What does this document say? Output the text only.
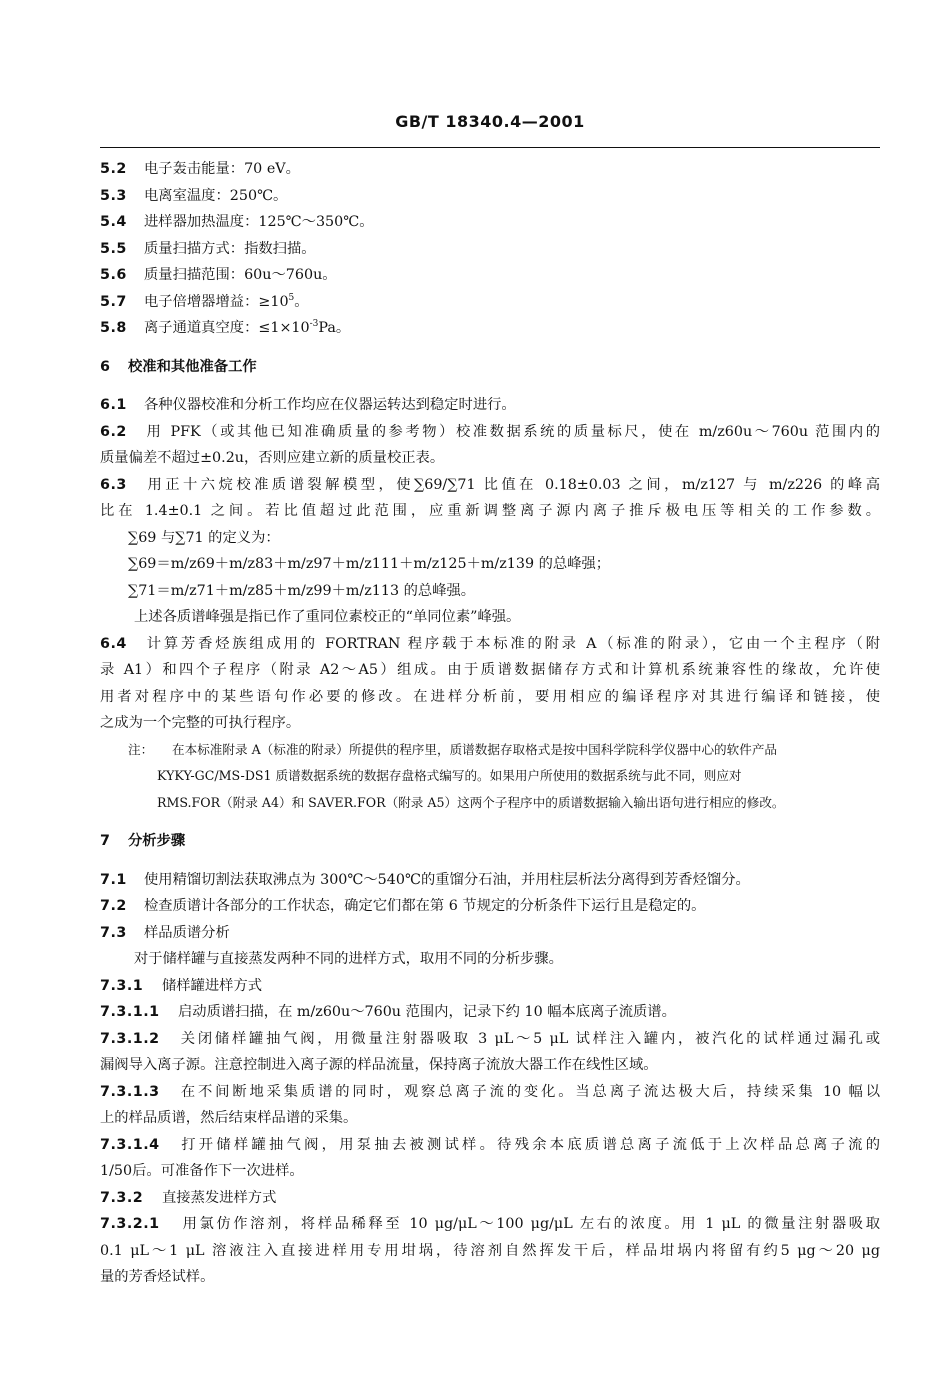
GB/T 18340.4—2001
5.2 电子轰击能量：70 eV。
5.3 电离室温度：250℃。
5.4 进样器加热温度：125℃～350℃。
5.5 质量扫描方式：指数扫描。
5.6 质量扫描范围：60u～760u。
5.7 电子倍增器增益：$\ge 10^5$。
5.8 离子通道真空度：$\le 1\times 10^{-3}Pa$。
6 校准和其他准备工作
6.1 各种仪器校准和分析工作均应在仪器运转达到稳定时进行。
6.2 用 PFK（或其他已知准确质量的参考物）校准数据系统的质量标尺，使在 m/z60u～760u 范围内的
质量偏差不超过±0.2u，否则应建立新的质量校正表。
6.3 用正十六烷校准质谱裂解模型，使∑69/∑71 比值在 0.18±0.03 之间，m/z127 与 m/z226 的峰高
比在 1.4±0.1 之间。若比值超过此范围，应重新调整离子源内离子推斥极电压等相关的工作参数。
∑69 与∑71 的定义为：
∑69＝m/z69＋m/z83＋m/z97＋m/z111＋m/z125＋m/z139 的总峰强；
∑71＝m/z71＋m/z85＋m/z99＋m/z113 的总峰强。
上述各质谱峰强是指已作了重同位素校正的“单同位素”峰强。
6.4 计算芳香烃族组成用的 FORTRAN 程序载于本标准的附录 A（标准的附录），它由一个主程序（附
录 A1）和四个子程序（附录 A2～A5）组成。由于质谱数据储存方式和计算机系统兼容性的缘故，允许使
用者对程序中的某些语句作必要的修改。在进样分析前，要用相应的编译程序对其进行编译和链接，使
之成为一个完整的可执行程序。
注： 在本标准附录 A（标准的附录）所提供的程序里，质谱数据存取格式是按中国科学院科学仪器中心的软件产品
KYKY-GC/MS-DS1 质谱数据系统的数据存盘格式编写的。如果用户所使用的数据系统与此不同，则应对
RMS.FOR（附录 A4）和 SAVER.FOR（附录 A5）这两个子程序中的质谱数据输入输出语句进行相应的修改。
7 分析步骤
7.1 使用精馏切割法获取沸点为 300℃～540℃的重馏分石油，并用柱层析法分离得到芳香烃馏分。
7.2 检查质谱计各部分的工作状态，确定它们都在第 6 节规定的分析条件下运行且是稳定的。
7.3 样品质谱分析
对于储样罐与直接蒸发两种不同的进样方式，取用不同的分析步骤。
7.3.1 储样罐进样方式
7.3.1.1 启动质谱扫描，在 m/z60u～760u 范围内，记录下约 10 幅本底离子流质谱。
7.3.1.2 关闭储样罐抽气阀，用微量注射器吸取 3 μL～5 μL 试样注入罐内，被汽化的试样通过漏孔或
漏阀导入离子源。注意控制进入离子源的样品流量，保持离子流放大器工作在线性区域。
7.3.1.3 在不间断地采集质谱的同时，观察总离子流的变化。当总离子流达极大后，持续采集 10 幅以
上的样品质谱，然后结束样品谱的采集。
7.3.1.4 打开储样罐抽气阀，用泵抽去被测试样。待残余本底质谱总离子流低于上次样品总离子流的
1/50后。可准备作下一次进样。
7.3.2 直接蒸发进样方式
7.3.2.1 用氯仿作溶剂，将样品稀释至 10 μg/μL～100 μg/μL 左右的浓度。用 1 μL 的微量注射器吸取
0.1 μL～1 μL 溶液注入直接进样用专用坩埚，待溶剂自然挥发干后，样品坩埚内将留有约5 μg～20 μg
量的芳香烃试样。
